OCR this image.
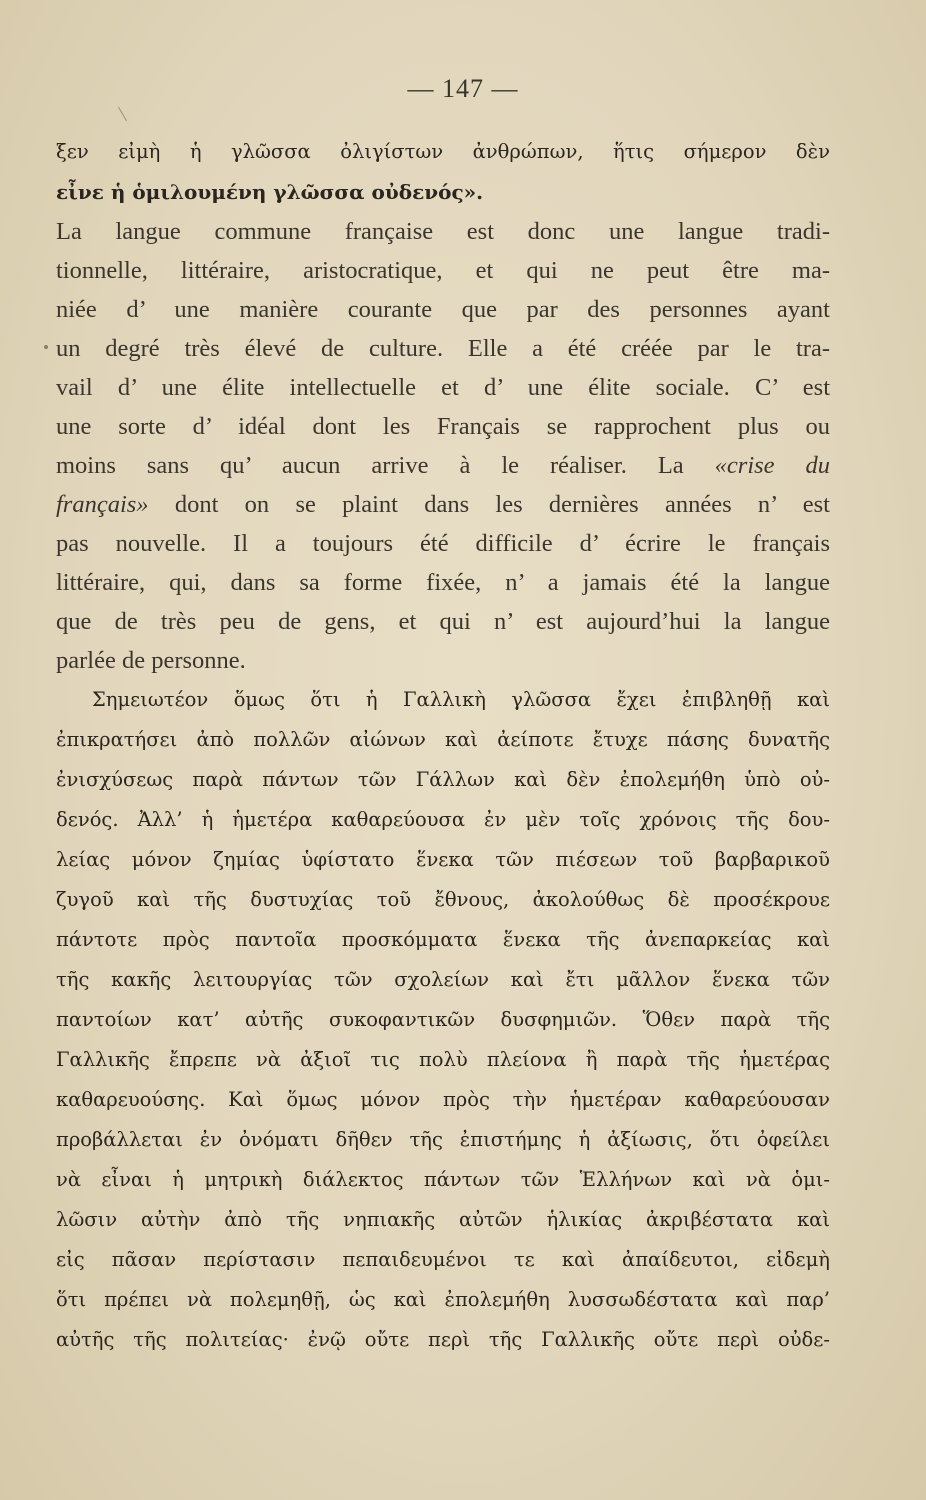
— 147 —
ξεν εἰμὴ ἡ γλῶσσα ὀλιγίστων ἀνθρώπων, ἥτις σήμερον δὲν
εἶνε ἡ ὁμιλουμένη γλῶσσα οὐδενός».
La langue commune française est donc une langue tradi-
tionnelle, littéraire, aristocratique, et qui ne peut être ma-
niée d’ une manière courante que par des personnes ayant
un degré très élevé de culture. Elle a été créée par le tra-
vail d’ une élite intellectuelle et d’ une élite sociale. C’ est
une sorte d’ idéal dont les Français se rapprochent plus ou
moins sans qu’ aucun arrive à le réaliser. La «crise du
français» dont on se plaint dans les dernières années n’ est
pas nouvelle. Il a toujours été difficile d’ écrire le français
littéraire, qui, dans sa forme fixée, n’ a jamais été la langue
que de très peu de gens, et qui n’ est aujourd’hui la langue
parlée de personne.
Σημειωτέον ὅμως ὅτι ἡ Γαλλικὴ γλῶσσα ἔχει ἐπιβληθῇ καὶ
ἐπικρατήσει ἀπὸ πολλῶν αἰώνων καὶ ἀείποτε ἔτυχε πάσης δυνατῆς
ἐνισχύσεως παρὰ πάντων τῶν Γάλλων καὶ δὲν ἐπολεμήθη ὑπὸ οὐ-
δενός. Ἀλλ’ ἡ ἡμετέρα καθαρεύουσα ἐν μὲν τοῖς χρόνοις τῆς δου-
λείας μόνον ζημίας ὑφίστατο ἕνεκα τῶν πιέσεων τοῦ βαρβαρικοῦ
ζυγοῦ καὶ τῆς δυστυχίας τοῦ ἔθνους, ἀκολούθως δὲ προσέκρουε
πάντοτε πρὸς παντοῖα προσκόμματα ἕνεκα τῆς ἀνεπαρκείας καὶ
τῆς κακῆς λειτουργίας τῶν σχολείων καὶ ἔτι μᾶλλον ἕνεκα τῶν
παντοίων κατ’ αὐτῆς συκοφαντικῶν δυσφημιῶν. Ὅθεν παρὰ τῆς
Γαλλικῆς ἔπρεπε νὰ ἀξιοῖ τις πολὺ πλείονα ἢ παρὰ τῆς ἡμετέρας
καθαρευούσης. Καὶ ὅμως μόνον πρὸς τὴν ἡμετέραν καθαρεύουσαν
προβάλλεται ἐν ὀνόματι δῆθεν τῆς ἐπιστήμης ἡ ἀξίωσις, ὅτι ὀφείλει
νὰ εἶναι ἡ μητρικὴ διάλεκτος πάντων τῶν Ἑλλήνων καὶ νὰ ὁμι-
λῶσιν αὐτὴν ἀπὸ τῆς νηπιακῆς αὐτῶν ἡλικίας ἀκριβέστατα καὶ
εἰς πᾶσαν περίστασιν πεπαιδευμένοι τε καὶ ἀπαίδευτοι, εἰδεμὴ
ὅτι πρέπει νὰ πολεμηθῇ, ὡς καὶ ἐπολεμήθη λυσσωδέστατα καὶ παρ’
αὐτῆς τῆς πολιτείας· ἐνῷ οὔτε περὶ τῆς Γαλλικῆς οὔτε περὶ οὐδε-
